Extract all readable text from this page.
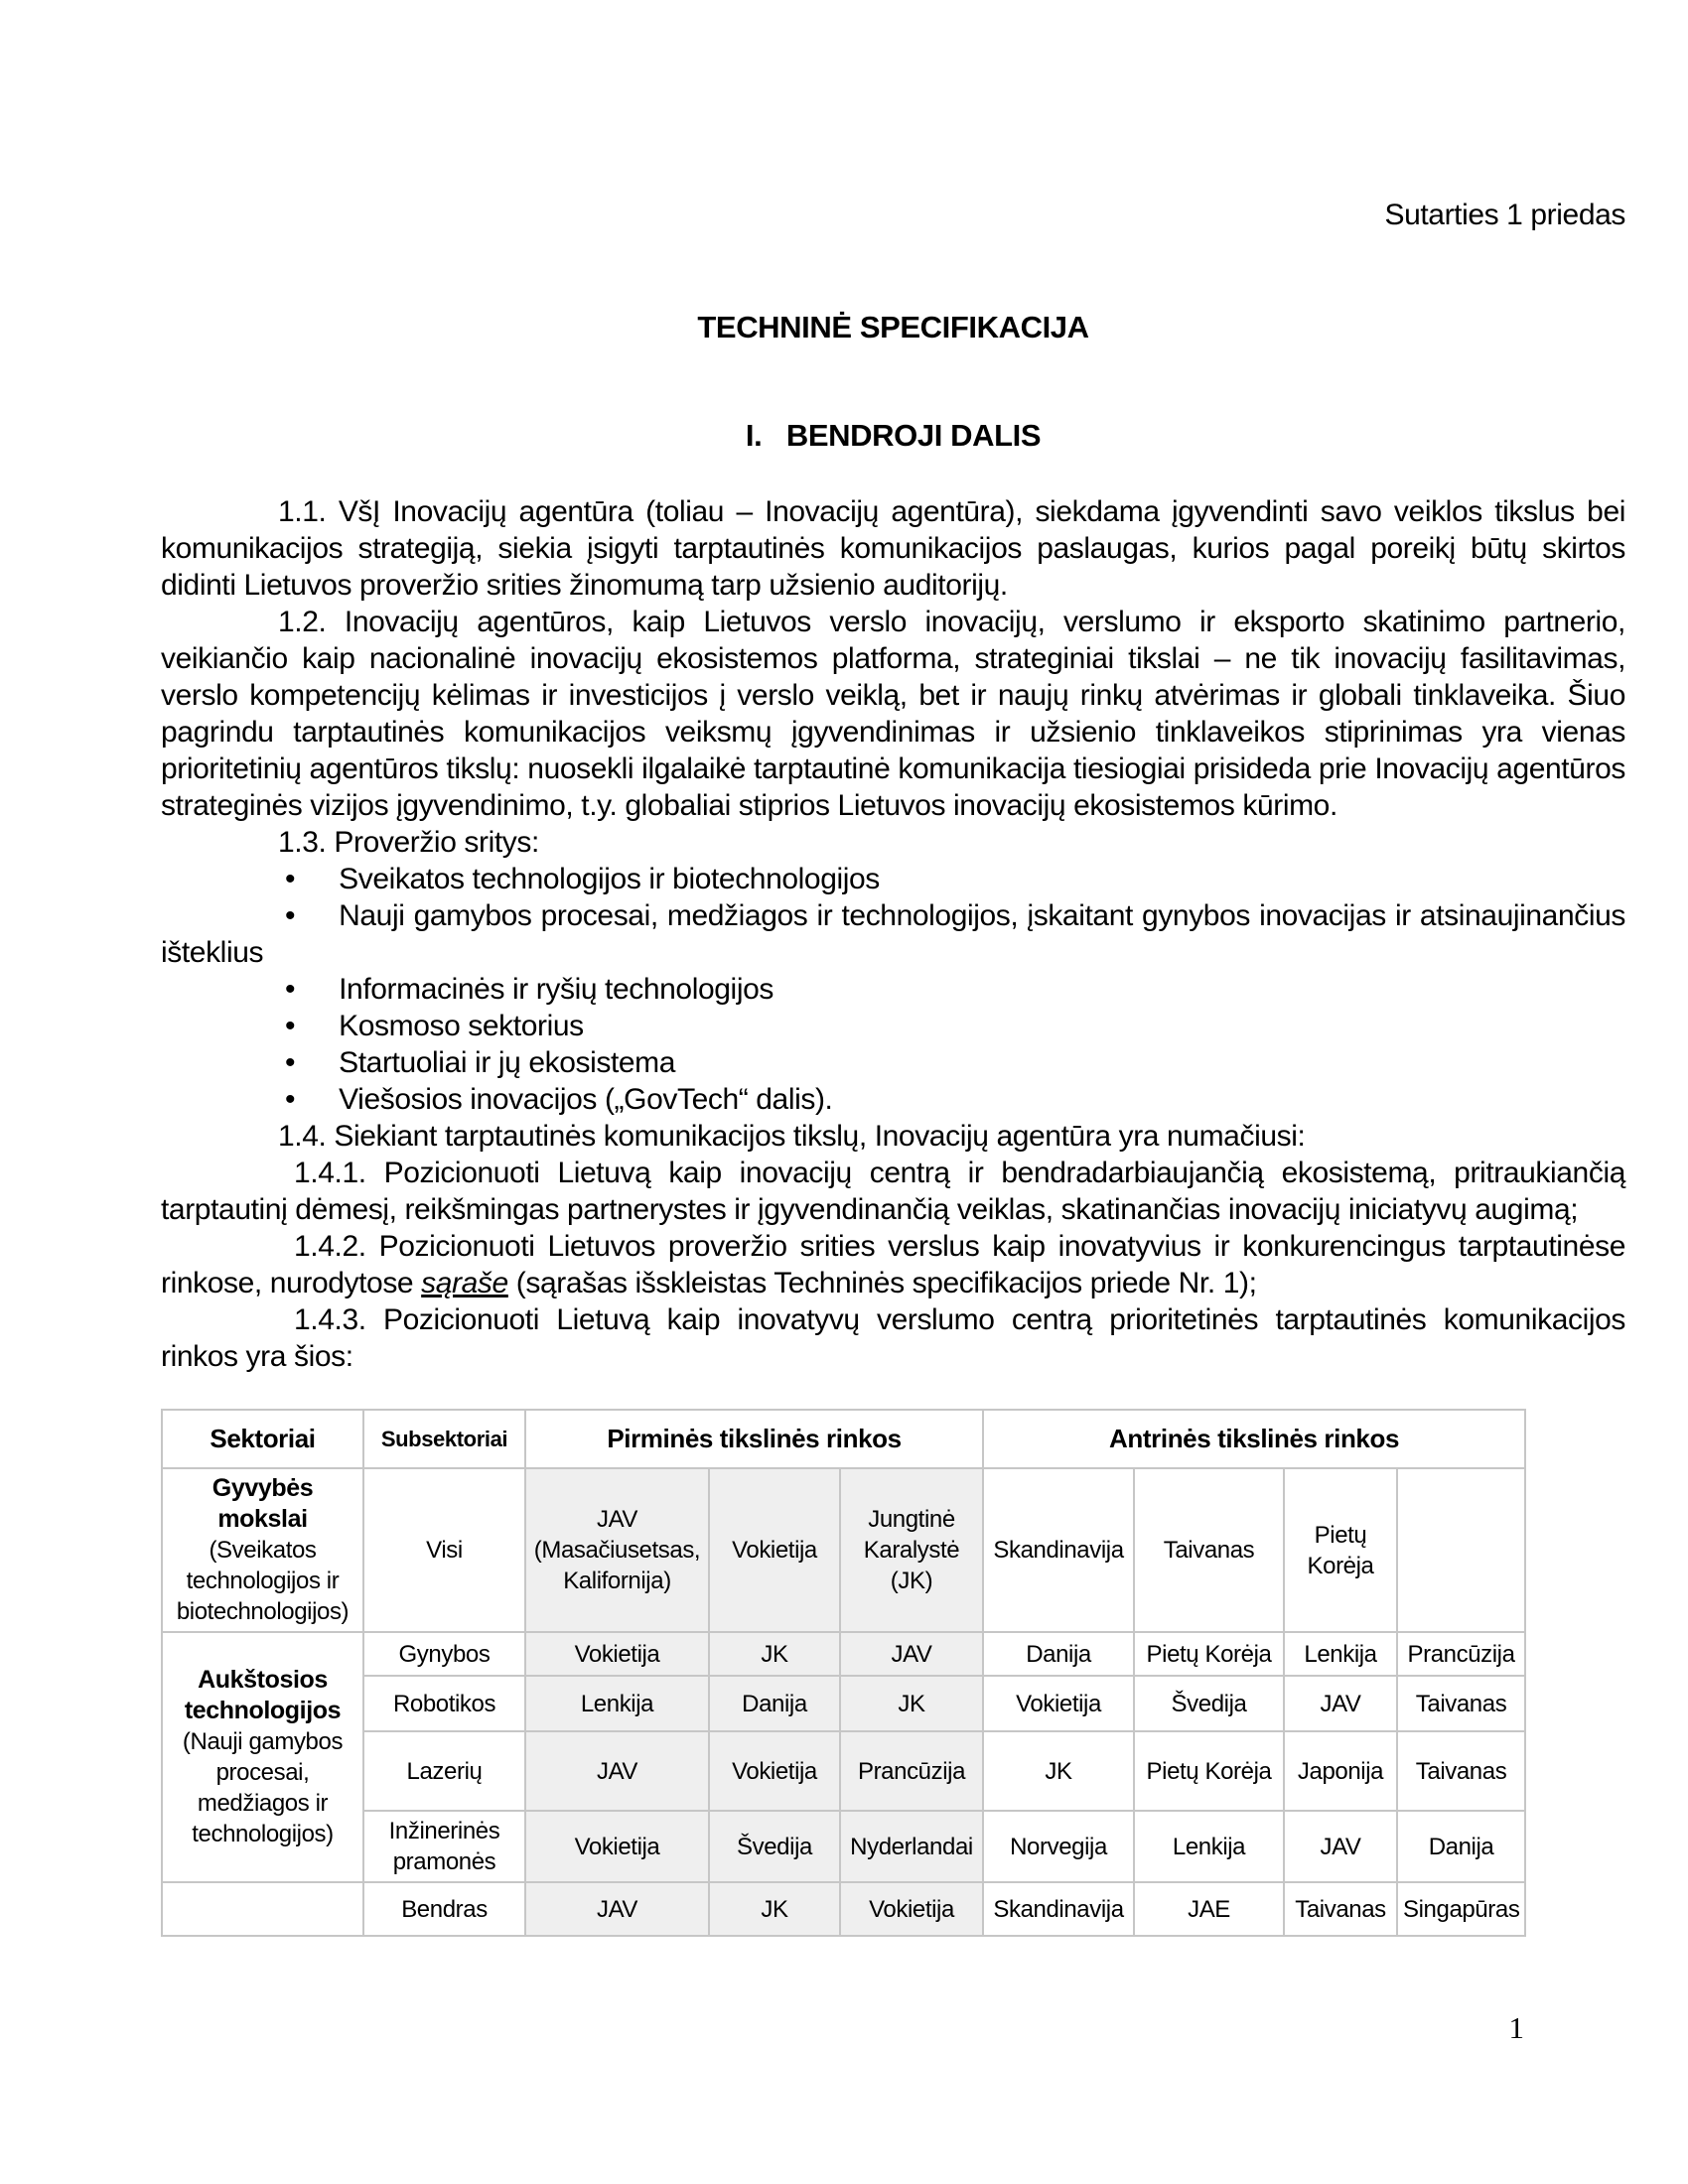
Sutarties 1 priedas
TECHNINĖ SPECIFIKACIJA
I.   BENDROJI DALIS

1.1. VšĮ Inovacijų agentūra (toliau – Inovacijų agentūra), siekdama įgyvendinti savo veiklos tikslus bei komunikacijos strategiją, siekia įsigyti tarptautinės komunikacijos paslaugas, kurios pagal poreikį būtų skirtos didinti Lietuvos proveržio srities žinomumą tarp užsienio auditorijų.

1.2. Inovacijų agentūros, kaip Lietuvos verslo inovacijų, verslumo ir eksporto skatinimo partnerio, veikiančio kaip nacionalinė inovacijų ekosistemos platforma, strateginiai tikslai – ne tik inovacijų fasilitavimas, verslo kompetencijų kėlimas ir investicijos į verslo veiklą, bet ir naujų rinkų atvėrimas ir globali tinklaveika. Šiuo pagrindu tarptautinės komunikacijos veiksmų įgyvendinimas ir užsienio tinklaveikos stiprinimas yra vienas prioritetinių agentūros tikslų: nuosekli ilgalaikė tarptautinė komunikacija tiesiogiai prisideda prie Inovacijų agentūros strateginės vizijos įgyvendinimo, t.y. globaliai stiprios Lietuvos inovacijų ekosistemos kūrimo.

1.3. Proveržio sritys:

• Sveikatos technologijos ir biotechnologijos
• Nauji gamybos procesai, medžiagos ir technologijos, įskaitant gynybos inovacijas ir atsinaujinančius išteklius
• Informacinės ir ryšių technologijos
• Kosmoso sektorius
• Startuoliai ir jų ekosistema
• Viešosios inovacijos („GovTech“ dalis).

1.4. Siekiant tarptautinės komunikacijos tikslų, Inovacijų agentūra yra numačiusi:

1.4.1. Pozicionuoti Lietuvą kaip inovacijų centrą ir bendradarbiaujančią ekosistemą, pritraukiančią tarptautinį dėmesį, reikšmingas partnerystes ir įgyvendinančią veiklas, skatinančias inovacijų iniciatyvų augimą;

1.4.2. Pozicionuoti Lietuvos proveržio srities verslus kaip inovatyvius ir konkurencingus tarptautinėse rinkose, nurodytose sąraše (sąrašas išskleistas Techninės specifikacijos priede Nr. 1);

1.4.3. Pozicionuoti Lietuvą kaip inovatyvų verslumo centrą prioritetinės tarptautinės komunikacijos rinkos yra šios:

Sektoriai	Subsektoriai	Pirminės tikslinės rinkos			Antrinės tikslinės rinkos			

Gyvybės mokslai
(Sveikatos technologijos ir biotechnologijos)	Visi	JAV (Masačiusetsas, Kalifornija)	Vokietija	Jungtinė Karalystė (JK)	Skandinavija	Taivanas	Pietų Korėja	

Aukštosios technologijos
(Nauji gamybos procesai, medžiagos ir technologijos)	Gynybos	Vokietija	JK	JAV	Danija	Pietų Korėja	Lenkija	Prancūzija
	Robotikos	Lenkija	Danija	JK	Vokietija	Švedija	JAV	Taivanas
	Lazerių	JAV	Vokietija	Prancūzija	JK	Pietų Korėja	Japonija	Taivanas
	Inžinerinės pramonės	Vokietija	Švedija	Nyderlandai	Norvegija	Lenkija	JAV	Danija
	Bendras	JAV	JK	Vokietija	Skandinavija	JAE	Taivanas	Singapūras
1
